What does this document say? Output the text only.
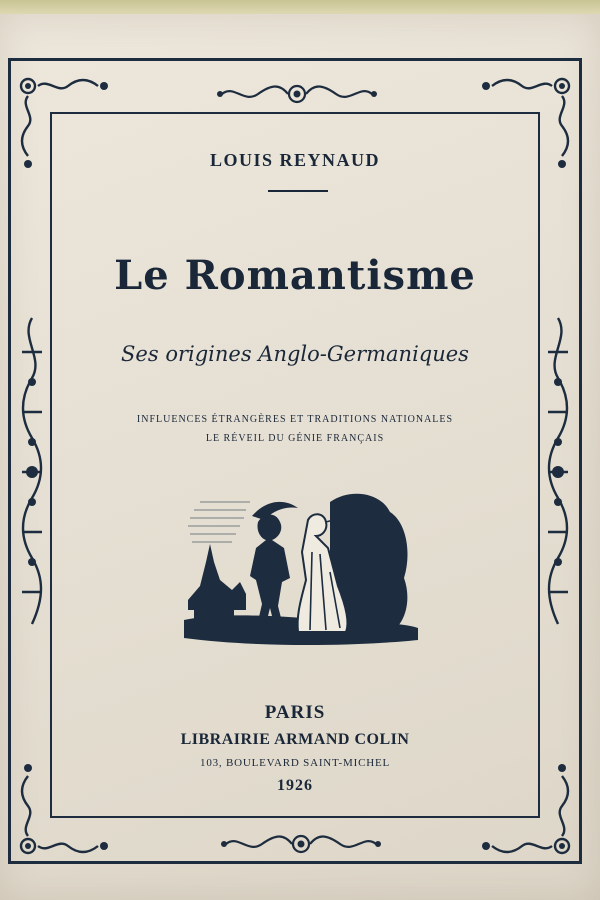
LOUIS REYNAUD
Le Romantisme
Ses origines Anglo-Germaniques
INFLUENCES ÉTRANGÈRES ET TRADITIONS NATIONALES
LE RÉVEIL DU GÉNIE FRANÇAIS
PARIS
LIBRAIRIE ARMAND COLIN
103, BOULEVARD SAINT-MICHEL
1926
